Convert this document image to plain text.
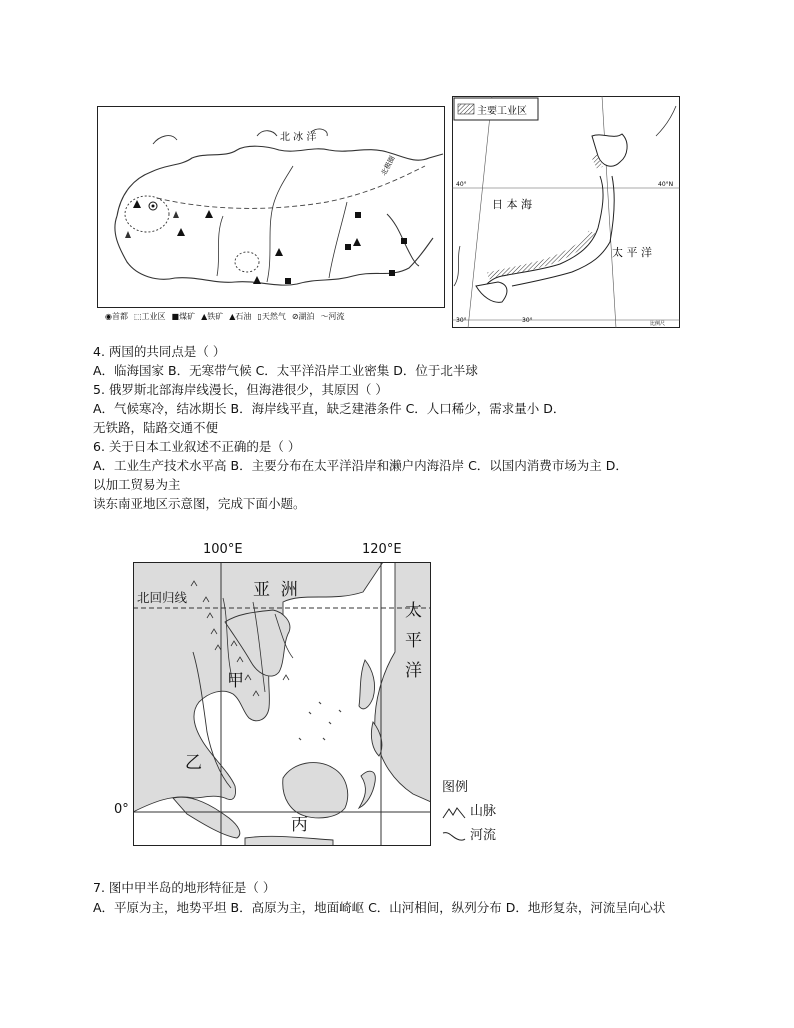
北 冰 洋
北极圈
◉首都 ⬚工业区 ■煤矿 ▲铁矿 ▲石油 ▯天然气 ⊘湖泊 〜河流
主要工业区
日 本 海
太 平 洋
40°	40°N
30°	30°	比例尺
4. 两国的共同点是（ ）
A．临海国家 B．无寒带气候 C．太平洋沿岸工业密集 D．位于北半球
5. 俄罗斯北部海岸线漫长，但海港很少，其原因（ ）
A．气候寒冷，结冰期长 B．海岸线平直，缺乏建港条件 C．人口稀少，需求量小 D．
无铁路，陆路交通不便
6. 关于日本工业叙述不正确的是（ ）
A．工业生产技术水平高 B．主要分布在太平洋沿岸和濑户内海沿岸 C．以国内消费市场为主 D．
以加工贸易为主
读东南亚地区示意图，完成下面小题。
100°E	120°E
0°
北回归线	亚  洲
太
平
洋
甲
乙
丙
图例
山脉
河流
7. 图中甲半岛的地形特征是（ ）
A．平原为主，地势平坦 B．高原为主，地面崎岖 C．山河相间，纵列分布 D．地形复杂，河流呈向心状
